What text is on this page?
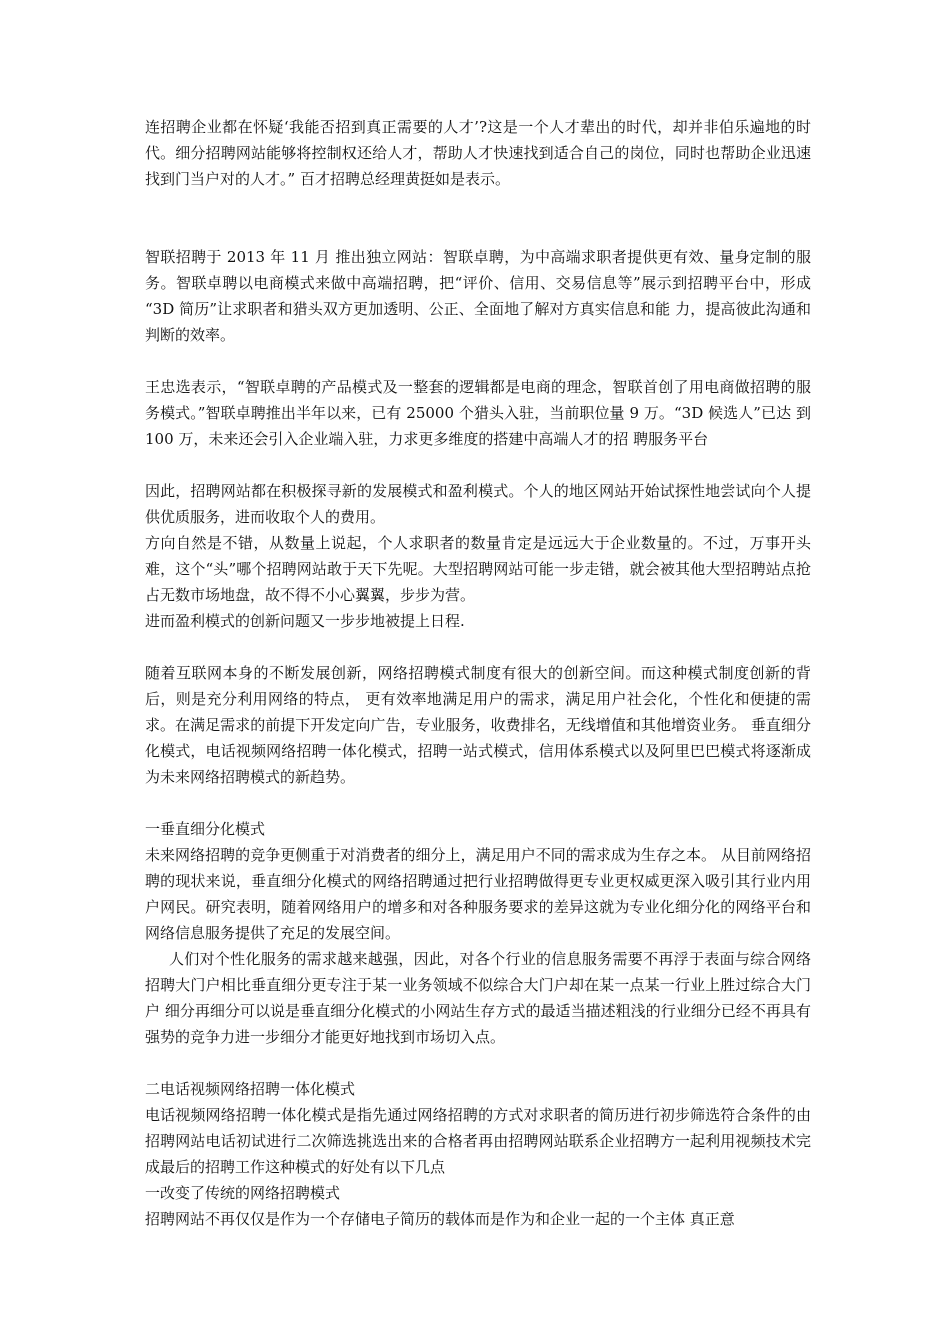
连招聘企业都在怀疑‘我能否招到真正需要的人才’?这是一个人才辈出的时代，却并非伯乐遍地的时代。细分招聘网站能够将控制权还给人才，帮助人才快速找到适合自己的岗位，同时也帮助企业迅速找到门当户对的人才。” 百才招聘总经理黄挺如是表示。

智联招聘于 2013 年 11 月 推出独立网站：智联卓聘，为中高端求职者提供更有效、量身定制的服务。智联卓聘以电商模式来做中高端招聘，把“评价、信用、交易信息等”展示到招聘平台中，形成 “3D 简历”让求职者和猎头双方更加透明、公正、全面地了解对方真实信息和能 力，提高彼此沟通和判断的效率。

王忠选表示，“智联卓聘的产品模式及一整套的逻辑都是电商的理念，智联首创了用电商做招聘的服务模式。”智联卓聘推出半年以来，已有 25000 个猎头入驻，当前职位量 9 万。“3D 候选人”已达 到 100 万，未来还会引入企业端入驻，力求更多维度的搭建中高端人才的招 聘服务平台

因此，招聘网站都在积极探寻新的发展模式和盈利模式。个人的地区网站开始试探性地尝试向个人提供优质服务，进而收取个人的费用。

方向自然是不错，从数量上说起，个人求职者的数量肯定是远远大于企业数量的。不过，万事开头难，这个“头”哪个招聘网站敢于天下先呢。大型招聘网站可能一步走错，就会被其他大型招聘站点抢占无数市场地盘，故不得不小心翼翼，步步为营。

进而盈利模式的创新问题又一步步地被提上日程.

随着互联网本身的不断发展创新，网络招聘模式制度有很大的创新空间。而这种模式制度创新的背后，则是充分利用网络的特点， 更有效率地满足用户的需求，满足用户社会化，个性化和便捷的需求。在满足需求的前提下开发定向广告，专业服务，收费排名，无线增值和其他增资业务。 垂直细分化模式，电话视频网络招聘一体化模式，招聘一站式模式，信用体系模式以及阿里巴巴模式将逐渐成为未来网络招聘模式的新趋势。

一垂直细分化模式

未来网络招聘的竞争更侧重于对消费者的细分上，满足用户不同的需求成为生存之本。 从目前网络招聘的现状来说，垂直细分化模式的网络招聘通过把行业招聘做得更专业更权威更深入吸引其行业内用户网民。研究表明，随着网络用户的增多和对各种服务要求的差异这就为专业化细分化的网络平台和网络信息服务提供了充足的发展空间。

人们对个性化服务的需求越来越强，因此，对各个行业的信息服务需要不再浮于表面与综合网络招聘大门户相比垂直细分更专注于某一业务领域不似综合大门户却在某一点某一行业上胜过综合大门户 细分再细分可以说是垂直细分化模式的小网站生存方式的最适当描述粗浅的行业细分已经不再具有强势的竞争力进一步细分才能更好地找到市场切入点。

二电话视频网络招聘一体化模式

电话视频网络招聘一体化模式是指先通过网络招聘的方式对求职者的简历进行初步筛选符合条件的由招聘网站电话初试进行二次筛选挑选出来的合格者再由招聘网站联系企业招聘方一起利用视频技术完成最后的招聘工作这种模式的好处有以下几点

一改变了传统的网络招聘模式

招聘网站不再仅仅是作为一个存储电子简历的载体而是作为和企业一起的一个主体 真正意
